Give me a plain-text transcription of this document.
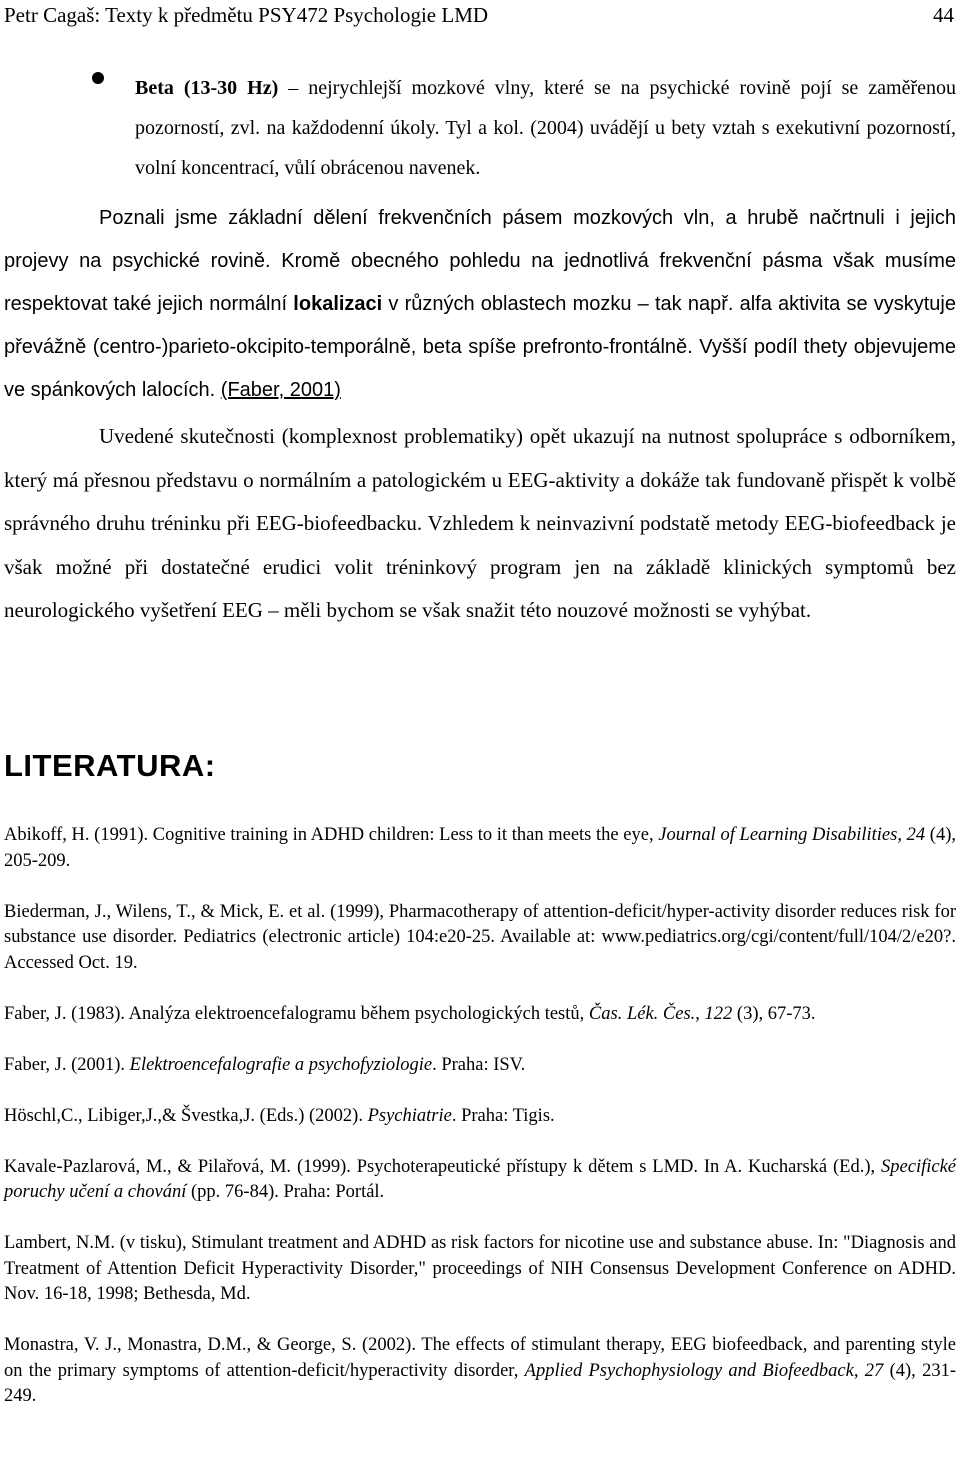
Petr Cagaš: Texty k předmětu PSY472 Psychologie LMD	44

Beta (13-30 Hz) – nejrychlejší mozkové vlny, které se na psychické rovině pojí se zaměřenou pozorností, zvl. na každodenní úkoly. Tyl a kol. (2004) uvádějí u bety vztah s exekutivní pozorností, volní koncentrací, vůlí obrácenou navenek.

Poznali jsme základní dělení frekvenčních pásem mozkových vln, a hrubě načrtnuli i jejich projevy na psychické rovině. Kromě obecného pohledu na jednotlivá frekvenční pásma však musíme respektovat také jejich normální lokalizaci v různých oblastech mozku – tak např. alfa aktivita se vyskytuje převážně (centro-)parieto-okcipito-temporálně, beta spíše prefronto-frontálně. Vyšší podíl thety objevujeme ve spánkových lalocích. (Faber, 2001)

Uvedené skutečnosti (komplexnost problematiky) opět ukazují na nutnost spolupráce s odborníkem, který má přesnou představu o normálním a patologickém u EEG-aktivity a dokáže tak fundovaně přispět k volbě správného druhu tréninku při EEG-biofeedbacku. Vzhledem k neinvazivní podstatě metody EEG-biofeedback je však možné při dostatečné erudici volit tréninkový program jen na základě klinických symptomů bez neurologického vyšetření EEG – měli bychom se však snažit této nouzové možnosti se vyhýbat.

LITERATURA:

Abikoff, H. (1991). Cognitive training in ADHD children: Less to it than meets the eye, Journal of Learning Disabilities, 24 (4), 205-209.

Biederman, J., Wilens, T., & Mick, E. et al. (1999), Pharmacotherapy of attention-deficit/hyper-activity disorder reduces risk for substance use disorder. Pediatrics (electronic article) 104:e20-25. Available at: www.pediatrics.org/cgi/content/full/104/2/e20?. Accessed Oct. 19.

Faber, J. (1983). Analýza elektroencefalogramu během psychologických testů, Čas. Lék. Čes., 122 (3), 67-73.

Faber, J. (2001). Elektroencefalografie a psychofyziologie. Praha: ISV.

Höschl,C., Libiger,J.,& Švestka,J. (Eds.) (2002). Psychiatrie. Praha: Tigis.

Kavale-Pazlarová, M., & Pilařová, M. (1999). Psychoterapeutické přístupy k dětem s LMD. In A. Kucharská (Ed.), Specifické poruchy učení a chování (pp. 76-84). Praha: Portál.

Lambert, N.M. (v tisku), Stimulant treatment and ADHD as risk factors for nicotine use and substance abuse. In: "Diagnosis and Treatment of Attention Deficit Hyperactivity Disorder," proceedings of NIH Consensus Development Conference on ADHD. Nov. 16-18, 1998; Bethesda, Md.

Monastra, V. J., Monastra, D.M., & George, S. (2002). The effects of stimulant therapy, EEG biofeedback, and parenting style on the primary symptoms of attention-deficit/hyperactivity disorder, Applied Psychophysiology and Biofeedback, 27 (4), 231-249.
